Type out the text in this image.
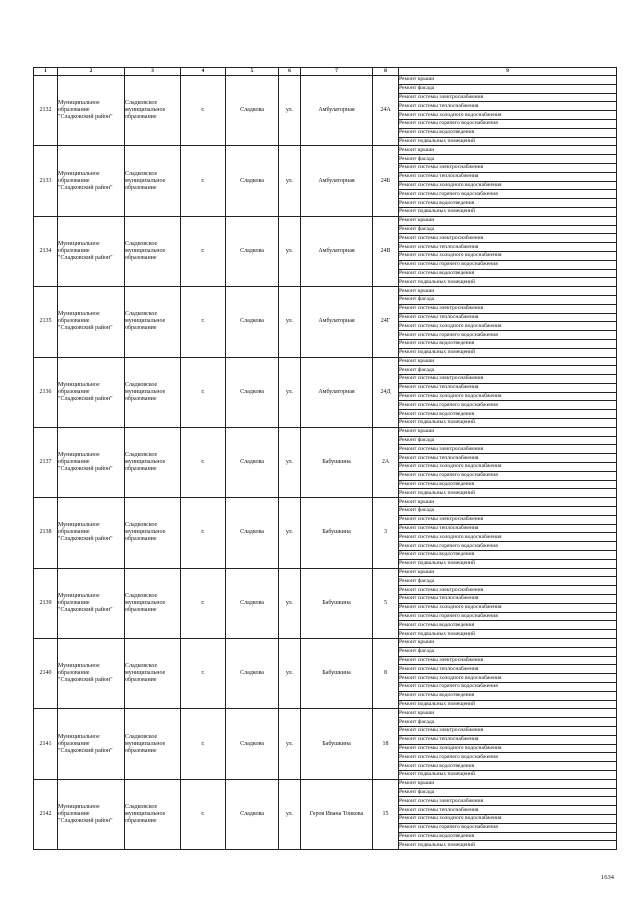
1	2	3	4	5	6	7	8	9
2132	Муниципальное образование "Сладковский район"	Сладковское муниципальное образование	г.	Сладкова	ул.	Амбулаторная	24А	Ремонт крыши
								Ремонт фасада
								Ремонт системы электроснабжения
								Ремонт системы теплоснабжения
								Ремонт системы холодного водоснабжения
								Ремонт системы горячего водоснабжения
								Ремонт системы водоотведения
								Ремонт подвальных помещений
2133	Муниципальное образование "Сладковский район"	Сладковское муниципальное образование	г.	Сладкова	ул.	Амбулаторная	24Б	Ремонт крыши
								Ремонт фасада
								Ремонт системы электроснабжения
								Ремонт системы теплоснабжения
								Ремонт системы холодного водоснабжения
								Ремонт системы горячего водоснабжения
								Ремонт системы водоотведения
								Ремонт подвальных помещений
2134	Муниципальное образование "Сладковский район"	Сладковское муниципальное образование	г.	Сладкова	ул.	Амбулаторная	24В	Ремонт крыши
								Ремонт фасада
								Ремонт системы электроснабжения
								Ремонт системы теплоснабжения
								Ремонт системы холодного водоснабжения
								Ремонт системы горячего водоснабжения
								Ремонт системы водоотведения
								Ремонт подвальных помещений
2135	Муниципальное образование "Сладковский район"	Сладковское муниципальное образование	г.	Сладкова	ул.	Амбулаторная	24Г	Ремонт крыши
								Ремонт фасада
								Ремонт системы электроснабжения
								Ремонт системы теплоснабжения
								Ремонт системы холодного водоснабжения
								Ремонт системы горячего водоснабжения
								Ремонт системы водоотведения
								Ремонт подвальных помещений
2136	Муниципальное образование "Сладковский район"	Сладковское муниципальное образование	г.	Сладкова	ул.	Амбулаторная	24Д	Ремонт крыши
								Ремонт фасада
								Ремонт системы электроснабжения
								Ремонт системы теплоснабжения
								Ремонт системы холодного водоснабжения
								Ремонт системы горячего водоснабжения
								Ремонт системы водоотведения
								Ремонт подвальных помещений
2137	Муниципальное образование "Сладковский район"	Сладковское муниципальное образование	г.	Сладкова	ул.	Бабушкина	2А	Ремонт крыши
								Ремонт фасада
								Ремонт системы электроснабжения
								Ремонт системы теплоснабжения
								Ремонт системы холодного водоснабжения
								Ремонт системы горячего водоснабжения
								Ремонт системы водоотведения
								Ремонт подвальных помещений
2138	Муниципальное образование "Сладковский район"	Сладковское муниципальное образование	г.	Сладкова	ул.	Бабушкина	3	Ремонт крыши
								Ремонт фасада
								Ремонт системы электроснабжения
								Ремонт системы теплоснабжения
								Ремонт системы холодного водоснабжения
								Ремонт системы горячего водоснабжения
								Ремонт системы водоотведения
								Ремонт подвальных помещений
2139	Муниципальное образование "Сладковский район"	Сладковское муниципальное образование	г.	Сладкова	ул.	Бабушкина	5	Ремонт крыши
								Ремонт фасада
								Ремонт системы электроснабжения
								Ремонт системы теплоснабжения
								Ремонт системы холодного водоснабжения
								Ремонт системы горячего водоснабжения
								Ремонт системы водоотведения
								Ремонт подвальных помещений
2140	Муниципальное образование "Сладковский район"	Сладковское муниципальное образование	г.	Сладкова	ул.	Бабушкина	8	Ремонт крыши
								Ремонт фасада
								Ремонт системы электроснабжения
								Ремонт системы теплоснабжения
								Ремонт системы холодного водоснабжения
								Ремонт системы горячего водоснабжения
								Ремонт системы водоотведения
								Ремонт подвальных помещений
2141	Муниципальное образование "Сладковский район"	Сладковское муниципальное образование	г.	Сладкова	ул.	Бабушкина	18	Ремонт крыши
								Ремонт фасада
								Ремонт системы электроснабжения
								Ремонт системы теплоснабжения
								Ремонт системы холодного водоснабжения
								Ремонт системы горячего водоснабжения
								Ремонт системы водоотведения
								Ремонт подвальных помещений
2142	Муниципальное образование "Сладковский район"	Сладковское муниципальное образование	г.	Сладкова	ул.	Героя Ивана Тонкова	15	Ремонт крыши
								Ремонт фасада
								Ремонт системы электроснабжения
								Ремонт системы теплоснабжения
								Ремонт системы холодного водоснабжения
								Ремонт системы горячего водоснабжения
								Ремонт системы водоотведения
								Ремонт подвальных помещений
1634
